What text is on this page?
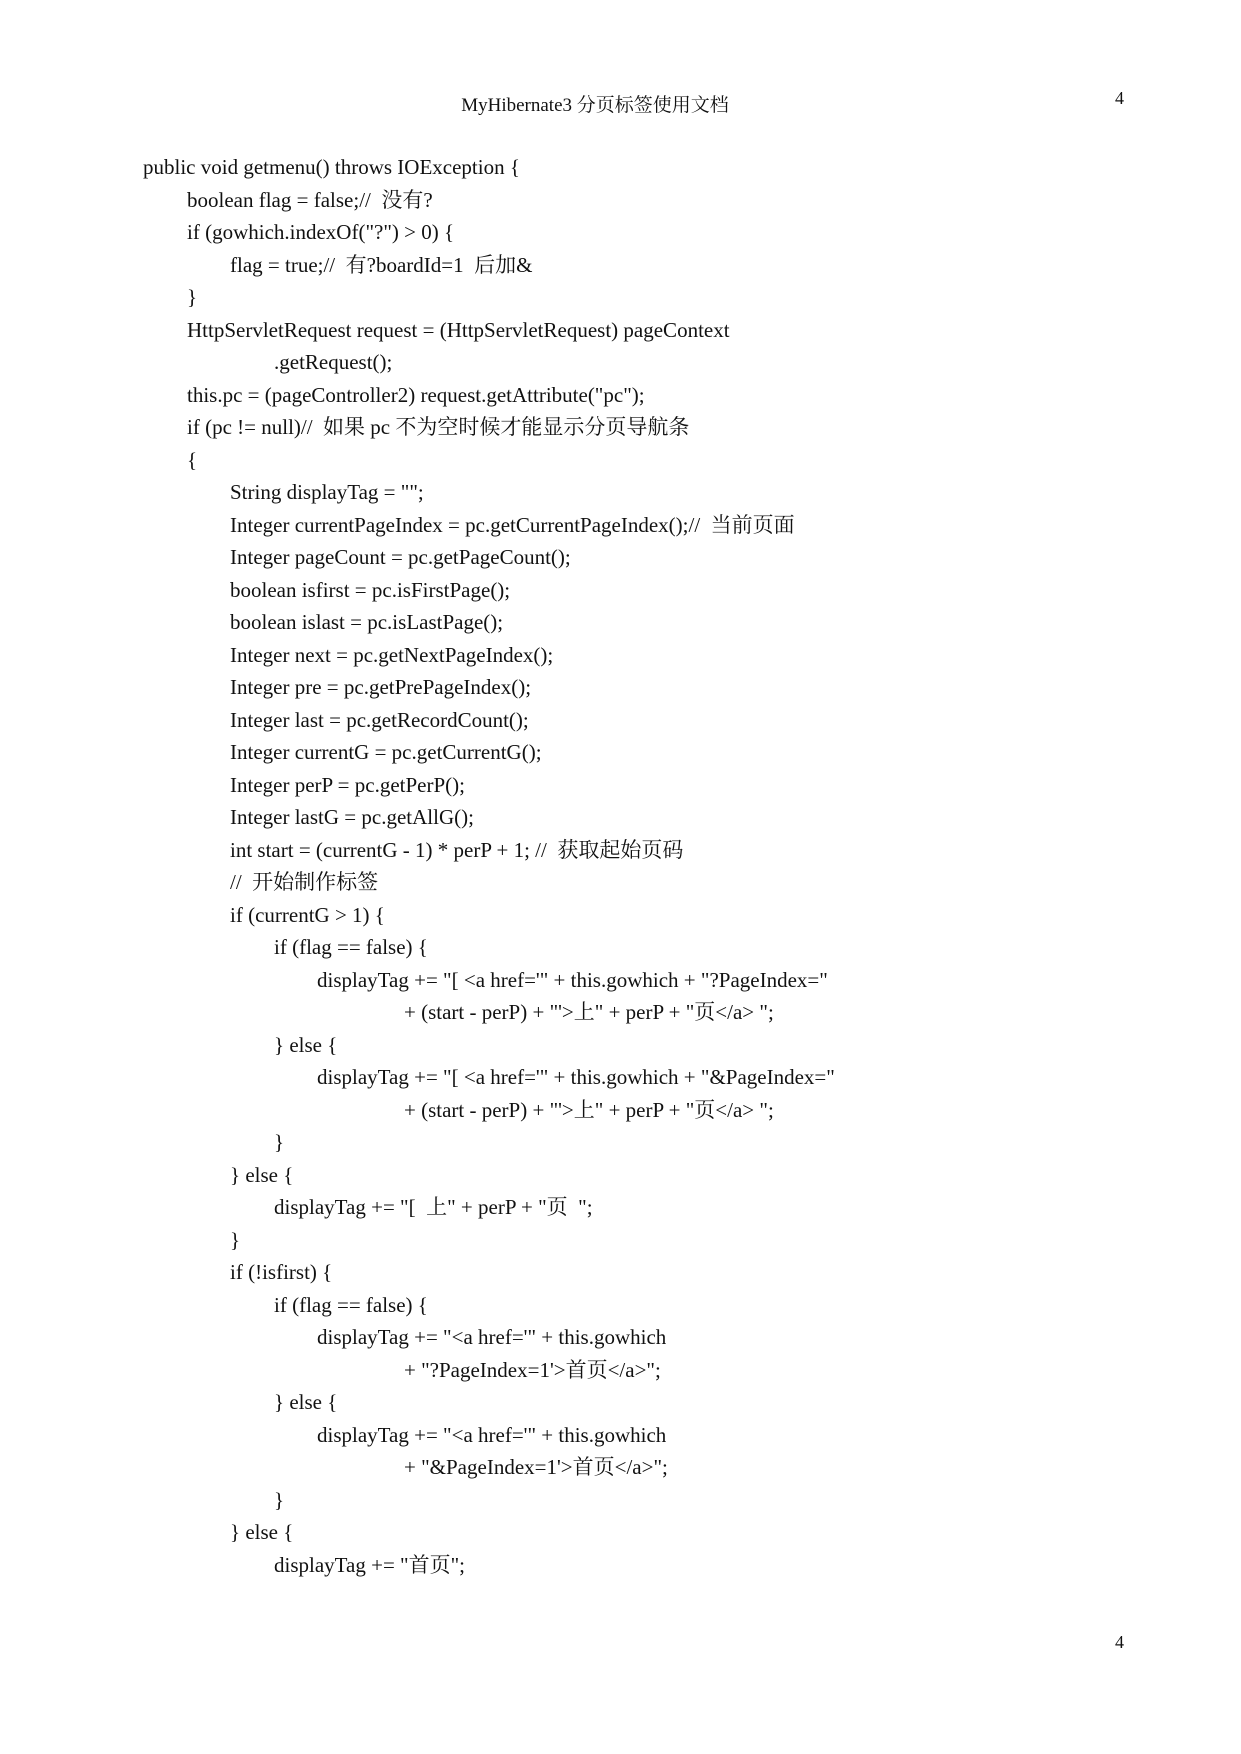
MyHibernate3 分页标签使用文档	4
public void getmenu() throws IOException {
boolean flag = false;//  没有?
if (gowhich.indexOf("?") > 0) {
flag = true;//  有?boardId=1  后加&
}
HttpServletRequest request = (HttpServletRequest) pageContext
.getRequest();
this.pc = (pageController2) request.getAttribute("pc");
if (pc != null)//  如果 pc 不为空时候才能显示分页导航条
{
String displayTag = "";
Integer currentPageIndex = pc.getCurrentPageIndex();//  当前页面
Integer pageCount = pc.getPageCount();
boolean isfirst = pc.isFirstPage();
boolean islast = pc.isLastPage();
Integer next = pc.getNextPageIndex();
Integer pre = pc.getPrePageIndex();
Integer last = pc.getRecordCount();
Integer currentG = pc.getCurrentG();
Integer perP = pc.getPerP();
Integer lastG = pc.getAllG();
int start = (currentG - 1) * perP + 1; //  获取起始页码
//  开始制作标签
if (currentG > 1) {
if (flag == false) {
displayTag += "[ <a href='" + this.gowhich + "?PageIndex="
+ (start - perP) + "'>上" + perP + "页</a> ";
} else {
displayTag += "[ <a href='" + this.gowhich + "&PageIndex="
+ (start - perP) + "'>上" + perP + "页</a> ";
}
} else {
displayTag += "[  上" + perP + "页  ";
}
if (!isfirst) {
if (flag == false) {
displayTag += "<a href='" + this.gowhich
+ "?PageIndex=1'>首页</a>";
} else {
displayTag += "<a href='" + this.gowhich
+ "&PageIndex=1'>首页</a>";
}
} else {
displayTag += "首页";
4
